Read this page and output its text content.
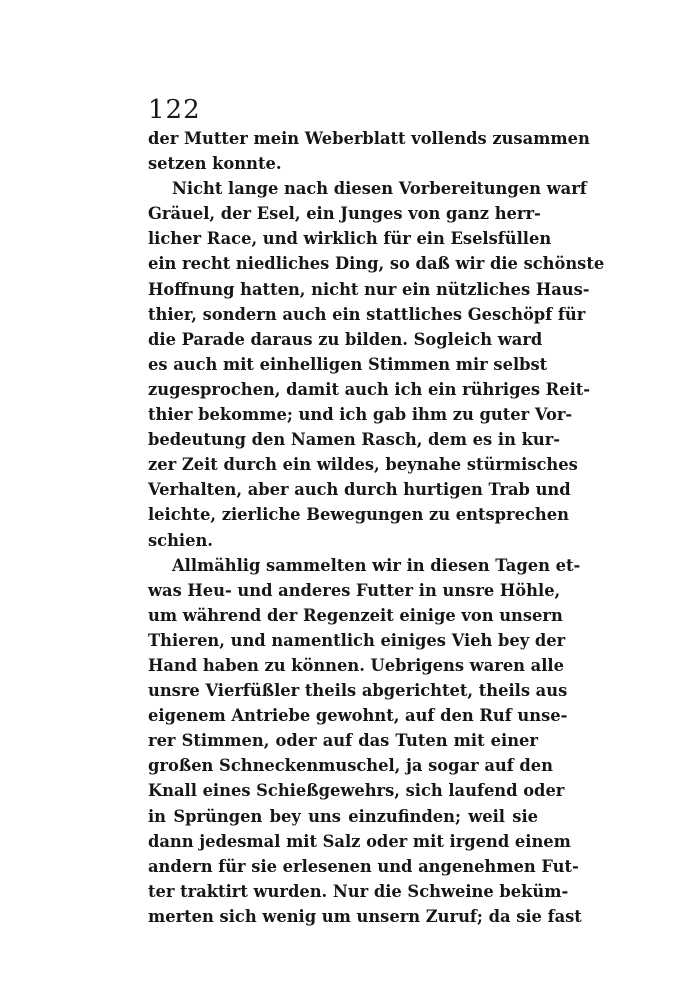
122
der Mutter mein Weberblatt vollends zusammen
setzen konnte.
Nicht lange nach diesen Vorbereitungen warf
Gräuel, der Esel, ein Junges von ganz herr-
licher Race, und wirklich für ein Eselsfüllen
ein recht niedliches Ding, so daß wir die schönste
Hoffnung hatten, nicht nur ein nützliches Haus-
thier, sondern auch ein stattliches Geschöpf für
die Parade daraus zu bilden. Sogleich ward
es auch mit einhelligen Stimmen mir selbst
zugesprochen, damit auch ich ein rühriges Reit-
thier bekomme; und ich gab ihm zu guter Vor-
bedeutung den Namen Rasch, dem es in kur-
zer Zeit durch ein wildes, beynahe stürmisches
Verhalten, aber auch durch hurtigen Trab und
leichte, zierliche Bewegungen zu entsprechen
schien.
Allmählig sammelten wir in diesen Tagen et-
was Heu- und anderes Futter in unsre Höhle,
um während der Regenzeit einige von unsern
Thieren, und namentlich einiges Vieh bey der
Hand haben zu können. Uebrigens waren alle
unsre Vierfüßler theils abgerichtet, theils aus
eigenem Antriebe gewohnt, auf den Ruf unse-
rer Stimmen, oder auf das Tuten mit einer
großen Schneckenmuschel, ja sogar auf den
Knall eines Schießgewehrs, sich laufend oder
in Sprüngen bey uns einzufinden; weil sie
dann jedesmal mit Salz oder mit irgend einem
andern für sie erlesenen und angenehmen Fut-
ter traktirt wurden. Nur die Schweine beküm-
merten sich wenig um unsern Zuruf; da sie fast
